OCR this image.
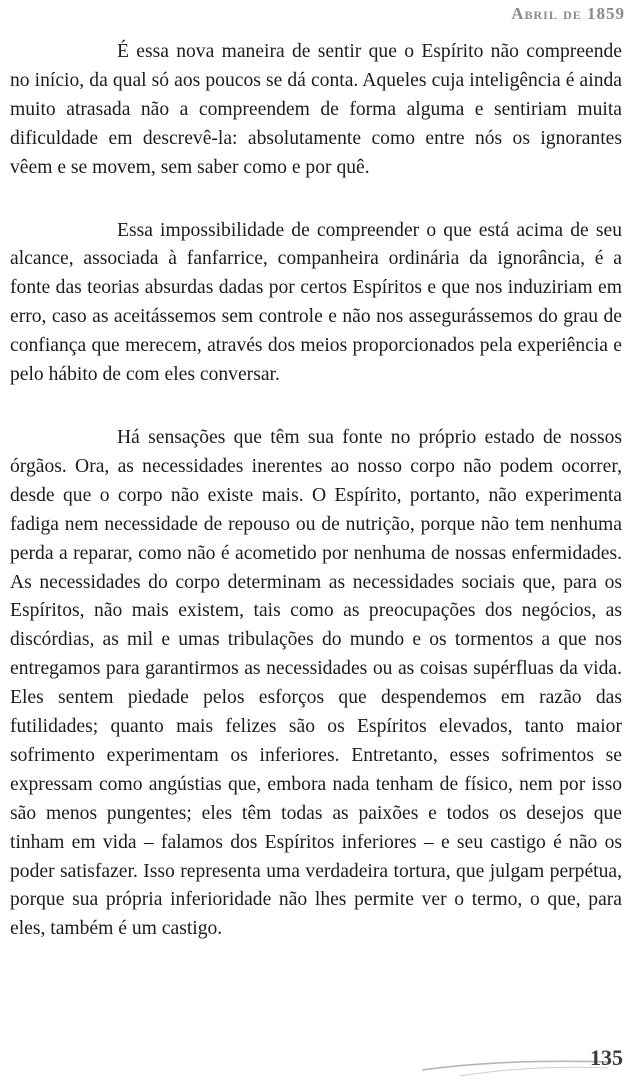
Abril de 1859

É essa nova maneira de sentir que o Espírito não compreende no início, da qual só aos poucos se dá conta. Aqueles cuja inteligência é ainda muito atrasada não a compreendem de forma alguma e sentiriam muita dificuldade em descrevê-la: absolutamente como entre nós os ignorantes vêem e se movem, sem saber como e por quê.

Essa impossibilidade de compreender o que está acima de seu alcance, associada à fanfarrice, companheira ordinária da ignorância, é a fonte das teorias absurdas dadas por certos Espíritos e que nos induziriam em erro, caso as aceitássemos sem controle e não nos assegurássemos do grau de confiança que merecem, através dos meios proporcionados pela experiência e pelo hábito de com eles conversar.

Há sensações que têm sua fonte no próprio estado de nossos órgãos. Ora, as necessidades inerentes ao nosso corpo não podem ocorrer, desde que o corpo não existe mais. O Espírito, portanto, não experimenta fadiga nem necessidade de repouso ou de nutrição, porque não tem nenhuma perda a reparar, como não é acometido por nenhuma de nossas enfermidades. As necessidades do corpo determinam as necessidades sociais que, para os Espíritos, não mais existem, tais como as preocupações dos negócios, as discórdias, as mil e umas tribulações do mundo e os tormentos a que nos entregamos para garantirmos as necessidades ou as coisas supérfluas da vida. Eles sentem piedade pelos esforços que despendemos em razão das futilidades; quanto mais felizes são os Espíritos elevados, tanto maior sofrimento experimentam os inferiores. Entretanto, esses sofrimentos se expressam como angústias que, embora nada tenham de físico, nem por isso são menos pungentes; eles têm todas as paixões e todos os desejos que tinham em vida – falamos dos Espíritos inferiores – e seu castigo é não os poder satisfazer. Isso representa uma verdadeira tortura, que julgam perpétua, porque sua própria inferioridade não lhes permite ver o termo, o que, para eles, também é um castigo.

135
